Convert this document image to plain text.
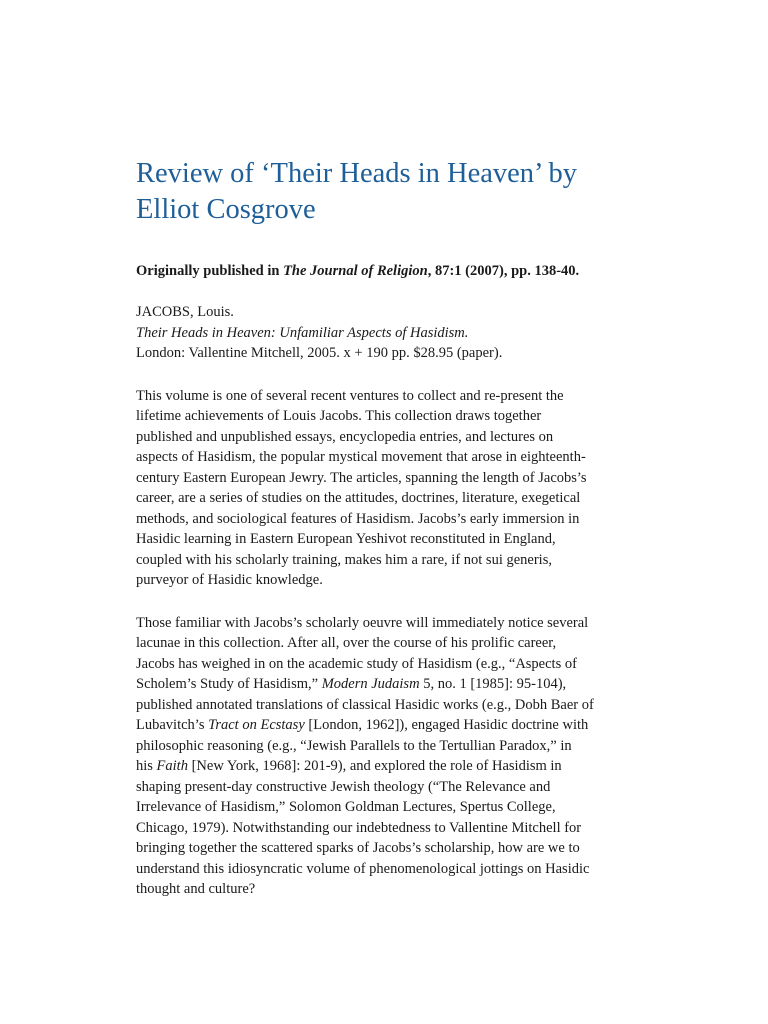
Review of ‘Their Heads in Heaven’ by
Elliot Cosgrove
Originally published in The Journal of Religion, 87:1 (2007), pp. 138-40.
JACOBS, Louis.
Their Heads in Heaven: Unfamiliar Aspects of Hasidism.
London: Vallentine Mitchell, 2005. x + 190 pp. $28.95 (paper).
This volume is one of several recent ventures to collect and re-present the
lifetime achievements of Louis Jacobs. This collection draws together
published and unpublished essays, encyclopedia entries, and lectures on
aspects of Hasidism, the popular mystical movement that arose in eighteenth-
century Eastern European Jewry. The articles, spanning the length of Jacobs’s
career, are a series of studies on the attitudes, doctrines, literature, exegetical
methods, and sociological features of Hasidism. Jacobs’s early immersion in
Hasidic learning in Eastern European Yeshivot reconstituted in England,
coupled with his scholarly training, makes him a rare, if not sui generis,
purveyor of Hasidic knowledge.
Those familiar with Jacobs’s scholarly oeuvre will immediately notice several
lacunae in this collection. After all, over the course of his prolific career,
Jacobs has weighed in on the academic study of Hasidism (e.g., “Aspects of
Scholem’s Study of Hasidism,” Modern Judaism 5, no. 1 [1985]: 95-104),
published annotated translations of classical Hasidic works (e.g., Dobh Baer of
Lubavitch’s Tract on Ecstasy [London, 1962]), engaged Hasidic doctrine with
philosophic reasoning (e.g., “Jewish Parallels to the Tertullian Paradox,” in
his Faith [New York, 1968]: 201-9), and explored the role of Hasidism in
shaping present-day constructive Jewish theology (“The Relevance and
Irrelevance of Hasidism,” Solomon Goldman Lectures, Spertus College,
Chicago, 1979). Notwithstanding our indebtedness to Vallentine Mitchell for
bringing together the scattered sparks of Jacobs’s scholarship, how are we to
understand this idiosyncratic volume of phenomenological jottings on Hasidic
thought and culture?
